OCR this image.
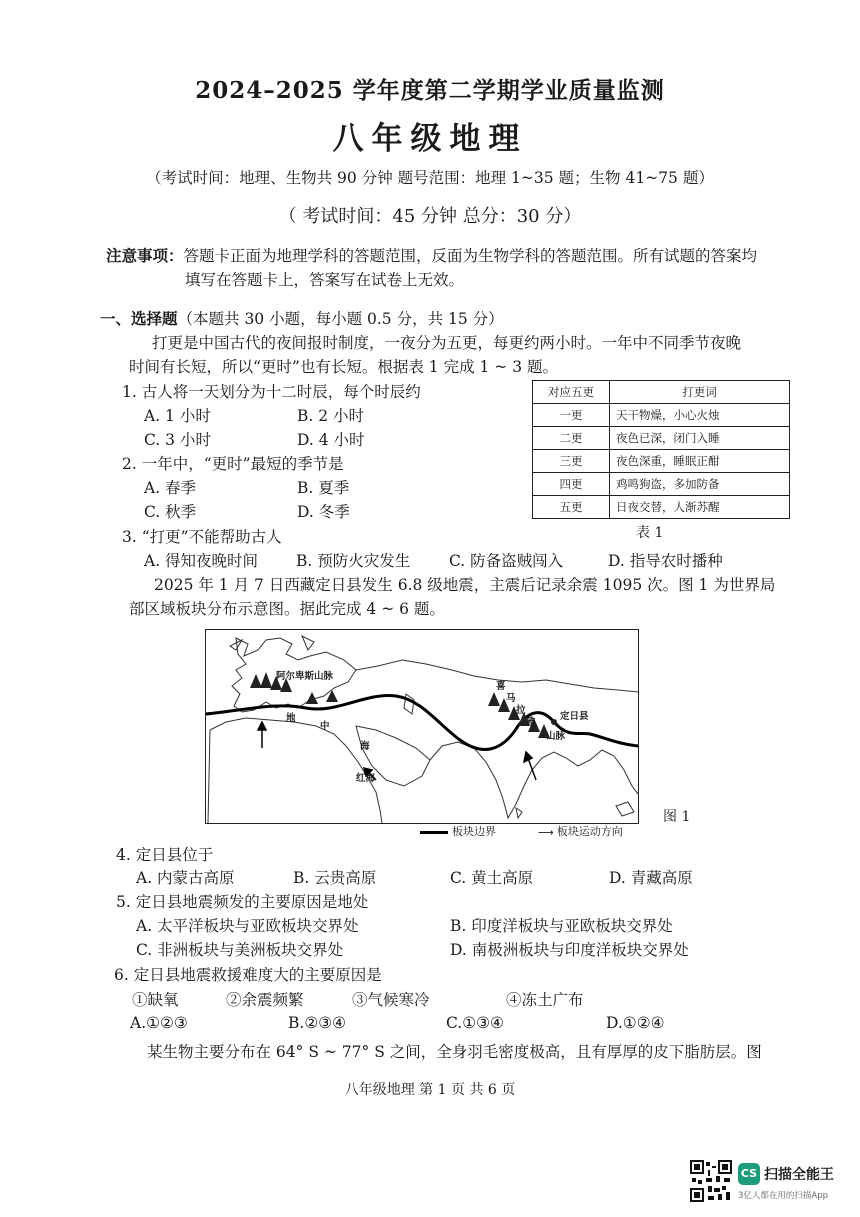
2024–2025 学年度第二学期学业质量监测
八年级地理
（考试时间：地理、生物共 90 分钟 题号范围：地理 1~35 题；生物 41~75 题）
（ 考试时间：45 分钟 总分：30 分）
注意事项：答题卡正面为地理学科的答题范围，反面为生物学科的答题范围。所有试题的答案均
填写在答题卡上，答案写在试卷上无效。
一、选择题（本题共 30 小题，每小题 0.5 分，共 15 分）
打更是中国古代的夜间报时制度，一夜分为五更，每更约两小时。一年中不同季节夜晚
时间有长短，所以“更时”也有长短。根据表 1 完成 1 ~ 3 题。
1. 古人将一天划分为十二时辰，每个时辰约
A. 1 小时	B. 2 小时
C. 3 小时	D. 4 小时
2. 一年中，“更时”最短的季节是
A. 春季	B. 夏季
C. 秋季	D. 冬季
对应五更	打更词
一更	天干物燥，小心火烛
二更	夜色已深，闭门入睡
三更	夜色深重，睡眠正酣
四更	鸡鸣狗盗，多加防备
五更	日夜交替，人渐苏醒
表 1
3. “打更”不能帮助古人
A. 得知夜晚时间 B. 预防火灾发生	C. 防备盗贼闯入	D. 指导农时播种
2025 年 1 月 7 日西藏定日县发生 6.8 级地震，主震后记录余震 1095 次。图 1 为世界局
部区域板块分布示意图。据此完成 4 ~ 6 题。
阿尔卑斯山脉
地
中
海
红海
喜
马
拉
雅
山脉
定日县
图 1
板块边界	⟶ 板块运动方向
4. 定日县位于
A. 内蒙古高原	B. 云贵高原	C. 黄土高原	D. 青藏高原
5. 定日县地震频发的主要原因是地处
A. 太平洋板块与亚欧板块交界处	B. 印度洋板块与亚欧板块交界处
C. 非洲板块与美洲板块交界处	D. 南极洲板块与印度洋板块交界处
6. 定日县地震救援难度大的主要原因是
①缺氧	②余震频繁	③气候寒冷	④冻土广布
A.①②③	B.②③④	C.①③④	D.①②④
某生物主要分布在 64° S ~ 77° S 之间，全身羽毛密度极高，且有厚厚的皮下脂肪层。图
八年级地理 第 1 页 共 6 页
CS 扫描全能王
3亿人都在用的扫描App
